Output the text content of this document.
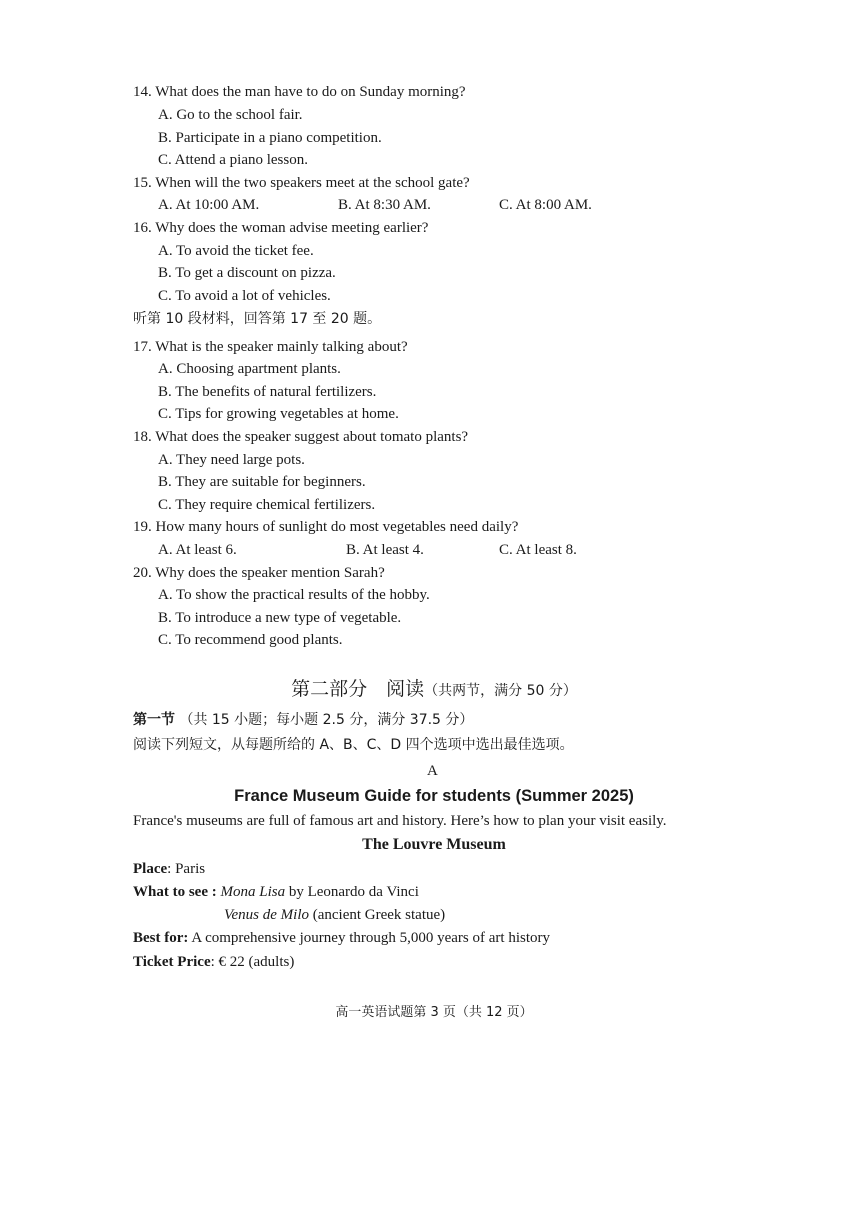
14. What does the man have to do on Sunday morning?
A. Go to the school fair.
B. Participate in a piano competition.
C. Attend a piano lesson.
15. When will the two speakers meet at the school gate?
A. At 10:00 AM.	B. At 8:30 AM.	C. At 8:00 AM.
16. Why does the woman advise meeting earlier?
A. To avoid the ticket fee.
B. To get a discount on pizza.
C. To avoid a lot of vehicles.
听第 10 段材料，回答第 17 至 20 题。
17. What is the speaker mainly talking about?
A. Choosing apartment plants.
B. The benefits of natural fertilizers.
C. Tips for growing vegetables at home.
18. What does the speaker suggest about tomato plants?
A. They need large pots.
B. They are suitable for beginners.
C. They require chemical fertilizers.
19. How many hours of sunlight do most vegetables need daily?
A. At least 6.	B. At least 4.	C. At least 8.
20. Why does the speaker mention Sarah?
A. To show the practical results of the hobby.
B. To introduce a new type of vegetable.
C. To recommend good plants.
第二部分　阅读（共两节，满分 50 分）
第一节 （共 15 小题；每小题 2.5 分，满分 37.5 分）
阅读下列短文，从每题所给的 A、B、C、D 四个选项中选出最佳选项。
A
France Museum Guide for students (Summer 2025)
France's museums are full of famous art and history. Here’s how to plan your visit easily.
The Louvre Museum
Place: Paris
What to see : Mona Lisa by Leonardo da Vinci
Venus de Milo (ancient Greek statue)
Best for: A comprehensive journey through 5,000 years of art history
Ticket Price: € 22 (adults)
高一英语试题第 3 页（共 12 页）
